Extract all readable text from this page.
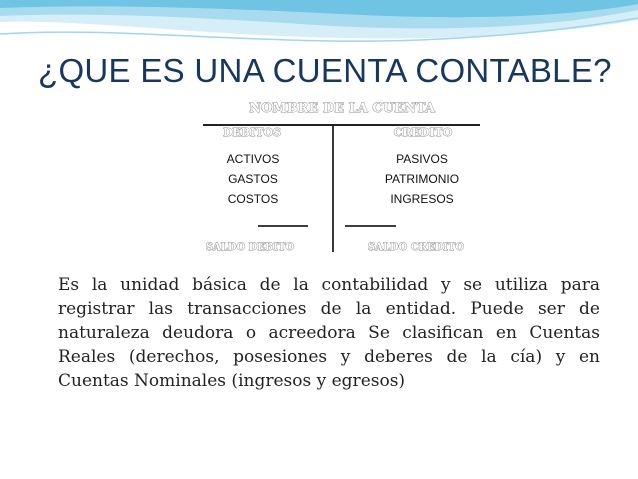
¿QUE ES UNA CUENTA CONTABLE?
NOMBRE DE LA CUENTA
DEBITOS	CREDITO
ACTIVOS
GASTOS
COSTOS
PASIVOS
PATRIMONIO
INGRESOS
SALDO DEBITO	SALDO CREDITO

Es la unidad básica de la contabilidad y se utiliza para registrar las transacciones de la entidad. Puede ser de naturaleza deudora o acreedora Se clasifican en Cuentas Reales (derechos, posesiones y deberes de la cía) y en Cuentas Nominales (ingresos y egresos)
